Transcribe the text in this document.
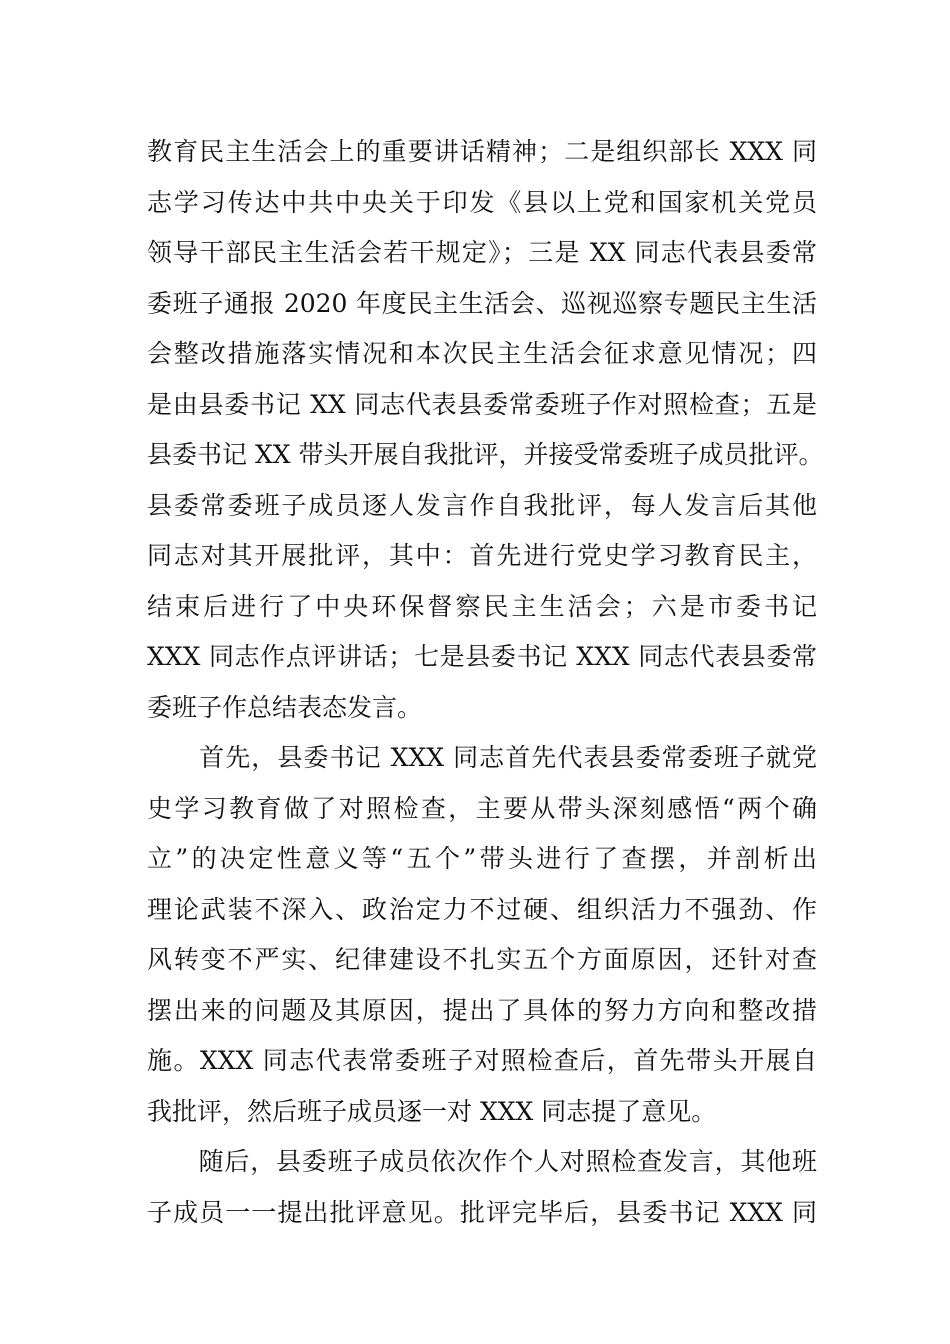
教育民主生活会上的重要讲话精神；二是组织部长 XXX 同
志学习传达中共中央关于印发《县以上党和国家机关党员
领导干部民主生活会若干规定》；三是 XX 同志代表县委常
委班子通报 2020 年度民主生活会、巡视巡察专题民主生活
会整改措施落实情况和本次民主生活会征求意见情况；四
是由县委书记 XX 同志代表县委常委班子作对照检查；五是
县委书记 XX 带头开展自我批评，并接受常委班子成员批评。
县委常委班子成员逐人发言作自我批评，每人发言后其他
同志对其开展批评，其中：首先进行党史学习教育民主，
结束后进行了中央环保督察民主生活会；六是市委书记
XXX 同志作点评讲话；七是县委书记 XXX 同志代表县委常
委班子作总结表态发言。
　　首先，县委书记 XXX 同志首先代表县委常委班子就党
史学习教育做了对照检查，主要从带头深刻感悟“两个确
立”的决定性意义等“五个”带头进行了查摆，并剖析出
理论武装不深入、政治定力不过硬、组织活力不强劲、作
风转变不严实、纪律建设不扎实五个方面原因，还针对查
摆出来的问题及其原因，提出了具体的努力方向和整改措
施。XXX 同志代表常委班子对照检查后，首先带头开展自
我批评，然后班子成员逐一对 XXX 同志提了意见。
　　随后，县委班子成员依次作个人对照检查发言，其他班
子成员一一提出批评意见。批评完毕后，县委书记 XXX 同
